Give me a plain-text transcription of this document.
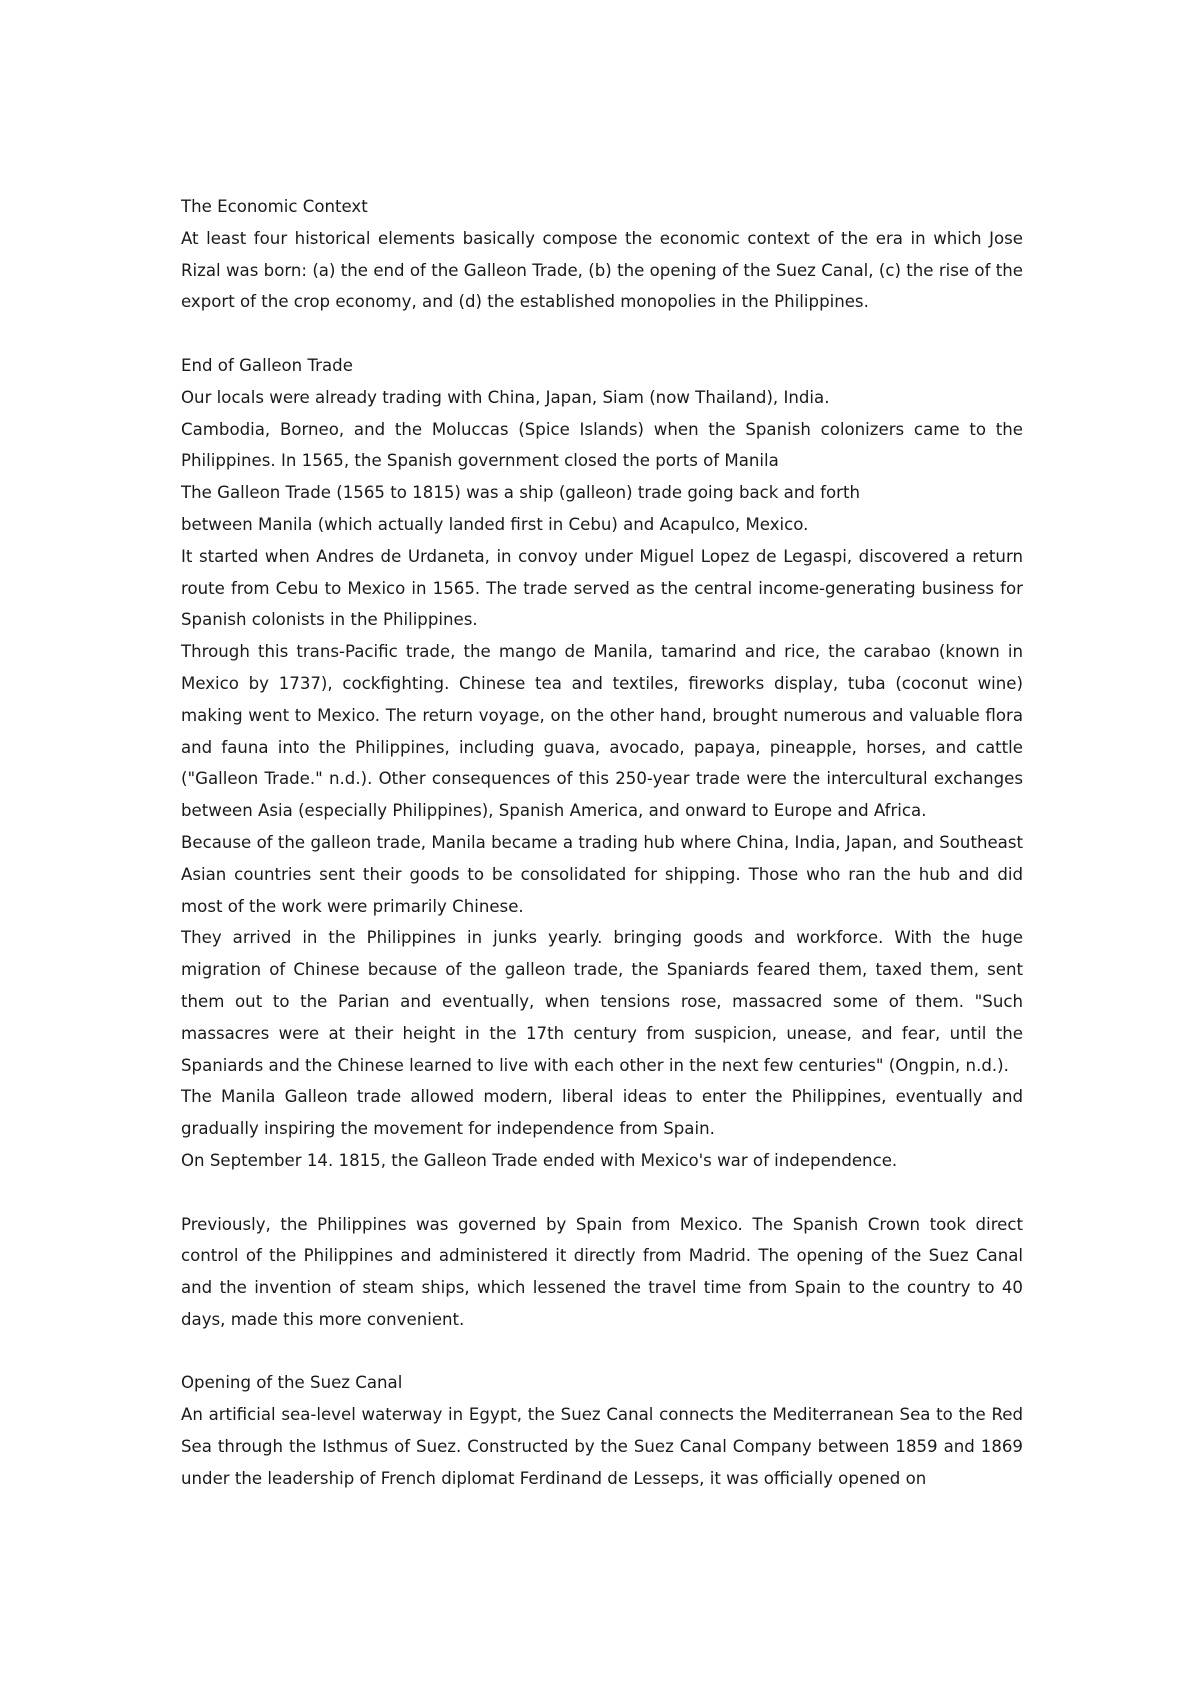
The Economic Context

At least four historical elements basically compose the economic context of the era in which Jose Rizal was born: (a) the end of the Galleon Trade, (b) the opening of the Suez Canal, (c) the rise of the export of the crop economy, and (d) the established monopolies in the Philippines.

End of Galleon Trade

Our locals were already trading with China, Japan, Siam (now Thailand), India.

Cambodia, Borneo, and the Moluccas (Spice Islands) when the Spanish colonizers came to the Philippines. In 1565, the Spanish government closed the ports of Manila

The Galleon Trade (1565 to 1815) was a ship (galleon) trade going back and forth

between Manila (which actually landed first in Cebu) and Acapulco, Mexico.

It started when Andres de Urdaneta, in convoy under Miguel Lopez de Legaspi, discovered a return route from Cebu to Mexico in 1565. The trade served as the central income-generating business for Spanish colonists in the Philippines.

Through this trans-Pacific trade, the mango de Manila, tamarind and rice, the carabao (known in Mexico by 1737), cockfighting. Chinese tea and textiles, fireworks display, tuba (coconut wine) making went to Mexico. The return voyage, on the other hand, brought numerous and valuable flora and fauna into the Philippines, including guava, avocado, papaya, pineapple, horses, and cattle ("Galleon Trade." n.d.). Other consequences of this 250-year trade were the intercultural exchanges between Asia (especially Philippines), Spanish America, and onward to Europe and Africa.

Because of the galleon trade, Manila became a trading hub where China, India, Japan, and Southeast Asian countries sent their goods to be consolidated for shipping. Those who ran the hub and did most of the work were primarily Chinese.

They arrived in the Philippines in junks yearly. bringing goods and workforce. With the huge migration of Chinese because of the galleon trade, the Spaniards feared them, taxed them, sent them out to the Parian and eventually, when tensions rose, massacred some of them. "Such massacres were at their height in the 17th century from suspicion, unease, and fear, until the Spaniards and the Chinese learned to live with each other in the next few centuries" (Ongpin, n.d.).

The Manila Galleon trade allowed modern, liberal ideas to enter the Philippines, eventually and gradually inspiring the movement for independence from Spain.

On September 14. 1815, the Galleon Trade ended with Mexico's war of independence.

Previously, the Philippines was governed by Spain from Mexico. The Spanish Crown took direct control of the Philippines and administered it directly from Madrid. The opening of the Suez Canal and the invention of steam ships, which lessened the travel time from Spain to the country to 40 days, made this more convenient.

Opening of the Suez Canal

An artificial sea-level waterway in Egypt, the Suez Canal connects the Mediterranean Sea to the Red Sea through the Isthmus of Suez. Constructed by the Suez Canal Company between 1859 and 1869 under the leadership of French diplomat Ferdinand de Lesseps, it was officially opened on
